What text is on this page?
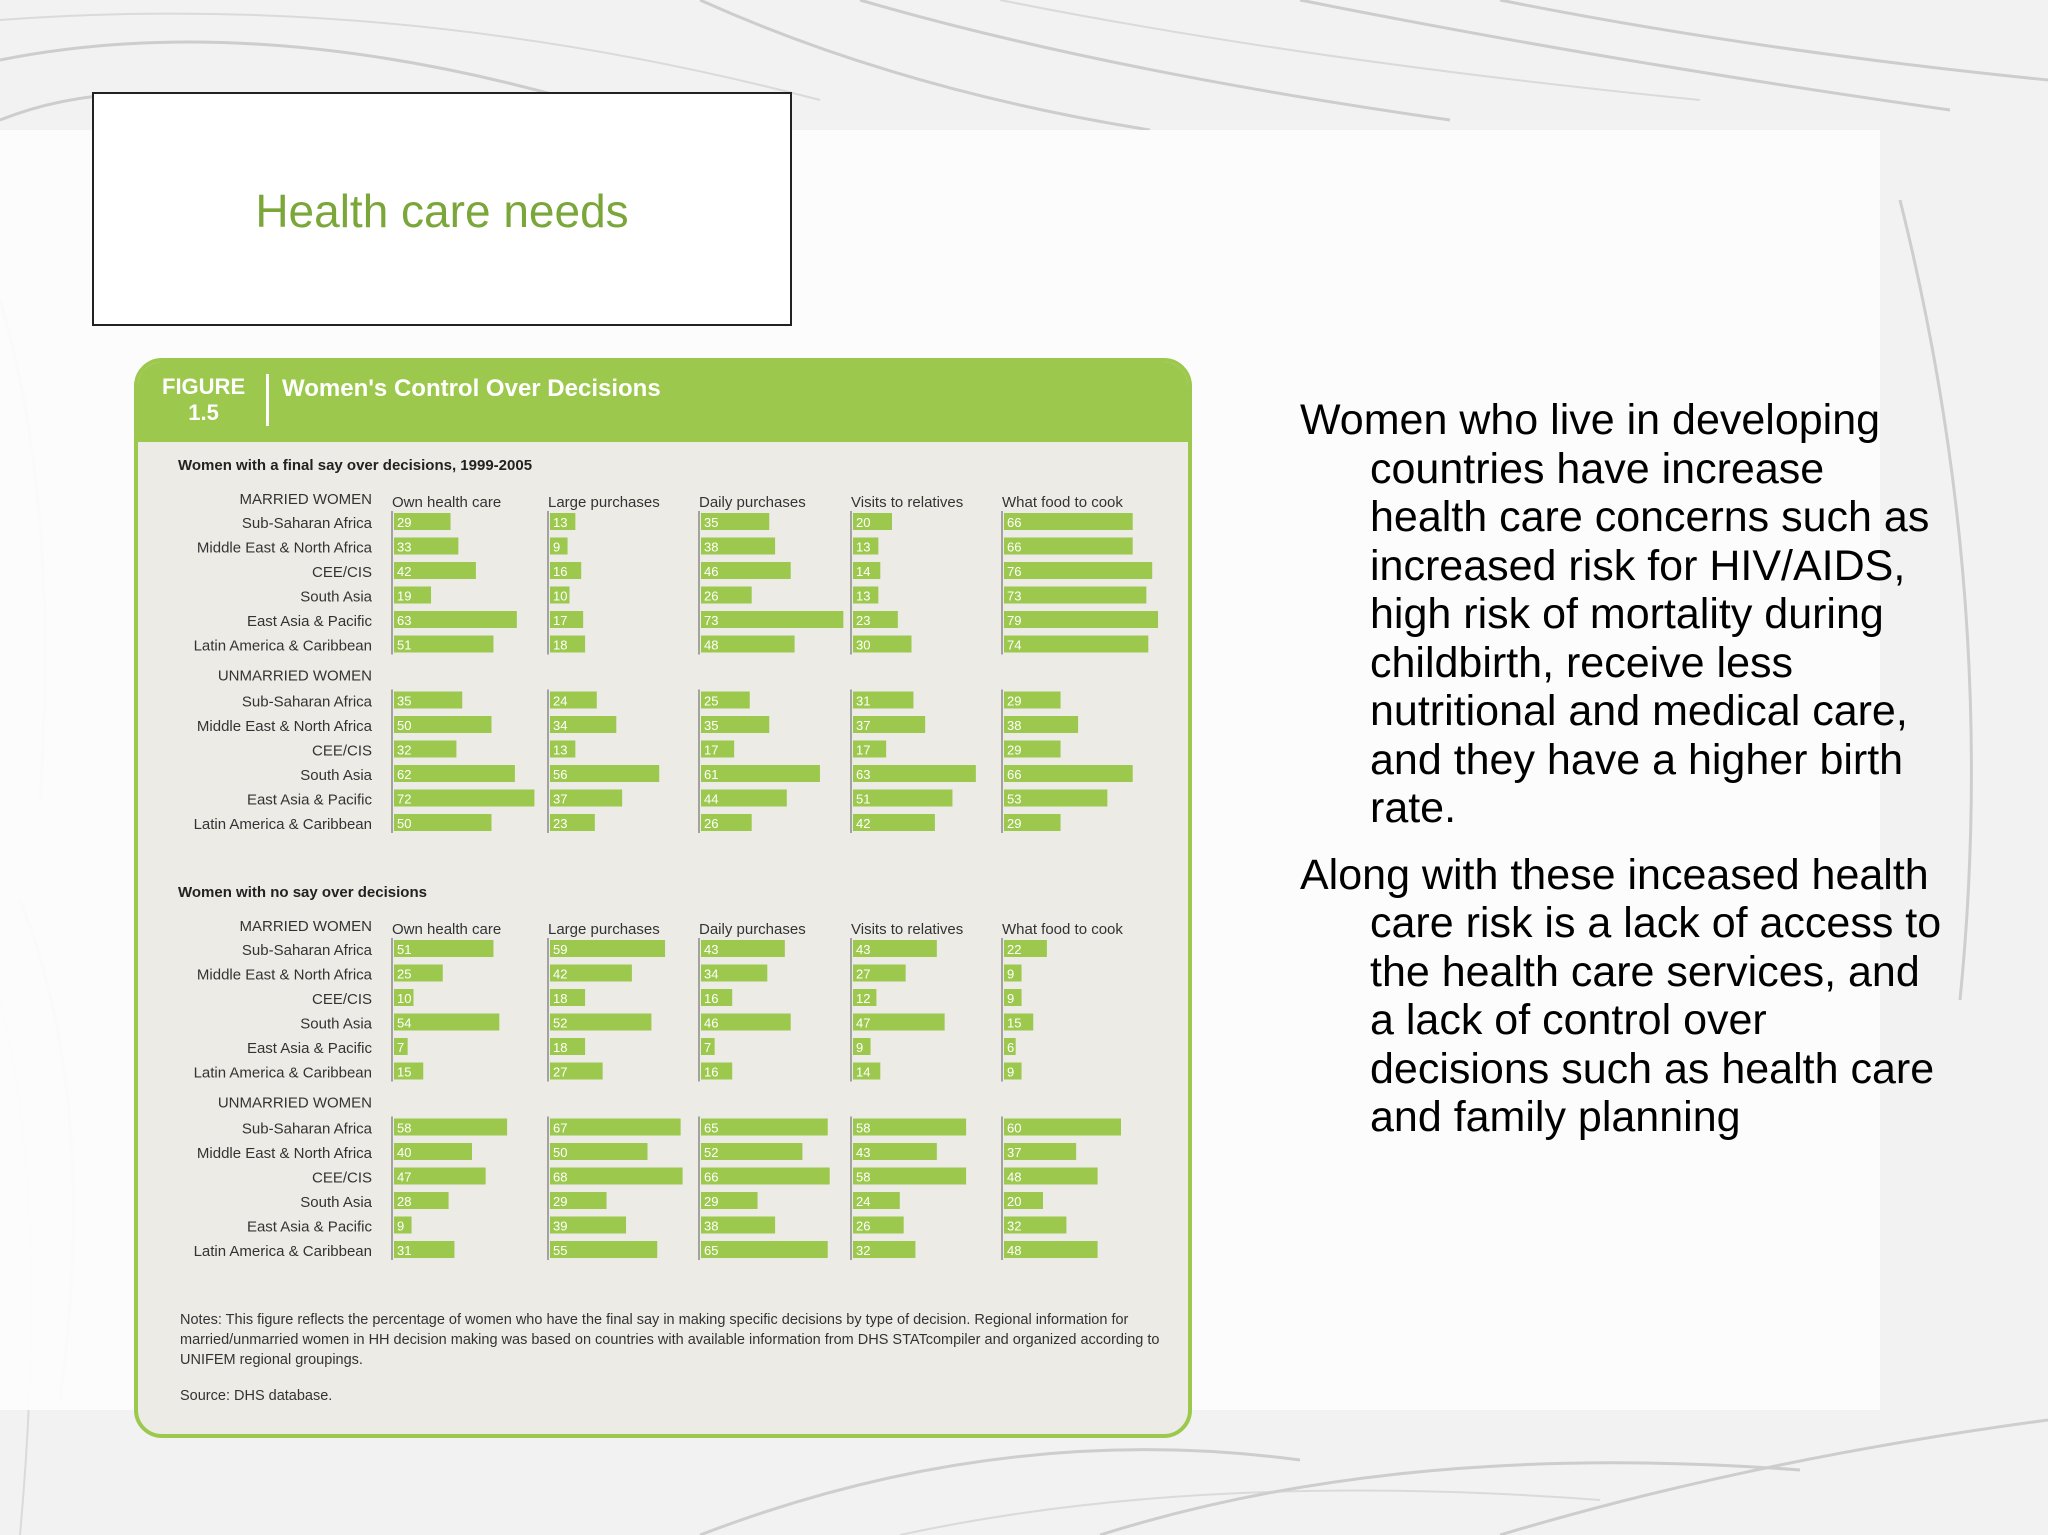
Health care needs
FIGURE
1.5
Women's Control Over Decisions
Women with a final say over decisions, 1999-2005
Own health care	Large purchases	Daily purchases	Visits to relatives	What food to cook
MARRIED WOMEN
Sub-Saharan Africa 29	13	35	20	66
Middle East & North Africa 33	9	38	13	66
CEE/CIS 42	16	46	14	76
South Asia 19	10	26	13	73
East Asia & Pacific 63	17	73	23	79
Latin America & Caribbean 51	18	48	30	74
UNMARRIED WOMEN
Sub-Saharan Africa 35	24	25	31	29
Middle East & North Africa 50	34	35	37	38
CEE/CIS 32	13	17	17	29
South Asia 62	56	61	63	66
East Asia & Pacific 72	37	44	51	53
Latin America & Caribbean 50	23	26	42	29
Women with no say over decisions
Own health care	Large purchases	Daily purchases	Visits to relatives	What food to cook
MARRIED WOMEN
Sub-Saharan Africa 51	59	43	43	22
Middle East & North Africa 25	42	34	27	9
CEE/CIS 10	18	16	12	9
South Asia 54	52	46	47	15
East Asia & Pacific 7	18	7	9	6
Latin America & Caribbean 15	27	16	14	9
UNMARRIED WOMEN
Sub-Saharan Africa 58	67	65	58	60
Middle East & North Africa 40	50	52	43	37
CEE/CIS 47	68	66	58	48
South Asia 28	29	29	24	20
East Asia & Pacific 9	39	38	26	32
Latin America & Caribbean 31	55	65	32	48
Notes: This figure reflects the percentage of women who have the final say in making specific decisions by type of decision. Regional information for married/unmarried women in HH decision making was based on countries with available information from DHS STATcompiler and organized according to UNIFEM regional groupings.
Source: DHS database.

Women who live in developing countries have increase health care concerns such as increased risk for HIV/AIDS, high risk of mortality during childbirth, receive less nutritional and medical care, and they have a higher birth rate.

Along with these inceased health care risk is a lack of access to the health care services, and a lack of control over decisions such as health care and family planning
